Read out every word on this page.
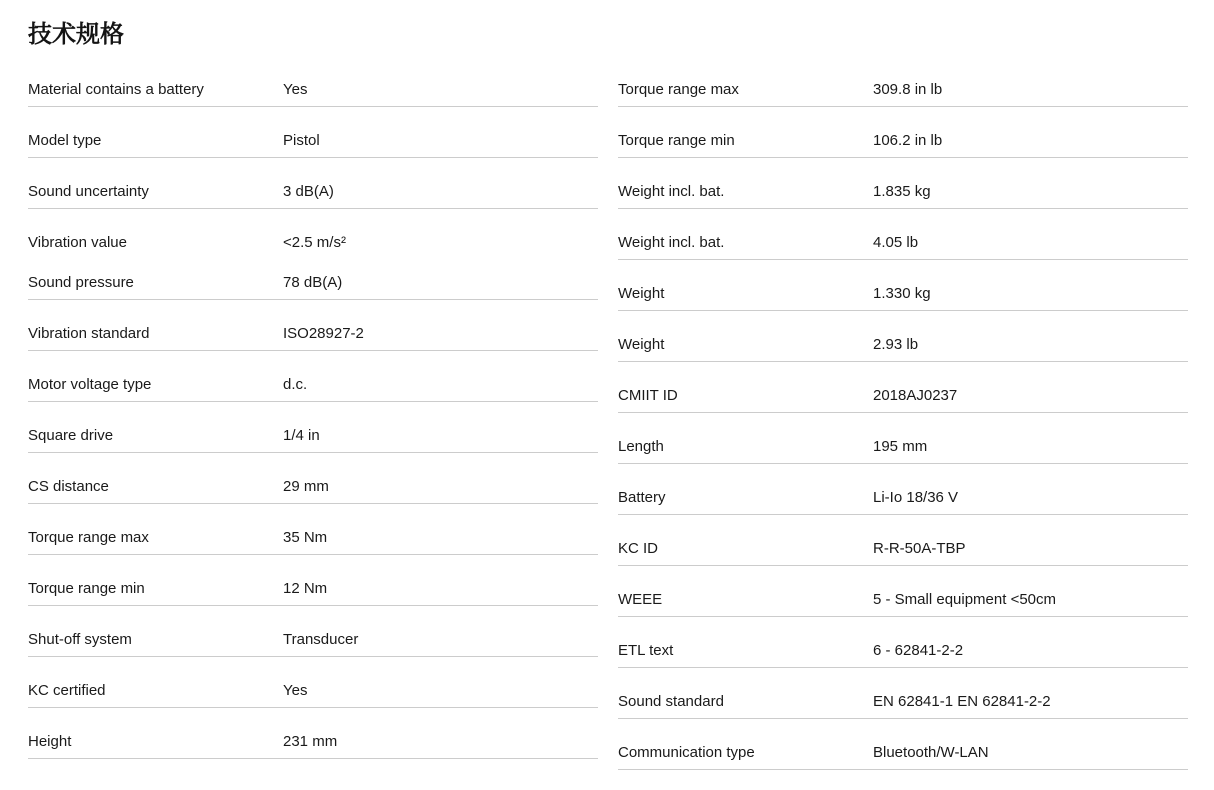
技术规格
Material contains a battery	Yes
Model type	Pistol
Sound uncertainty	3 dB(A)
Vibration value	<2.5 m/s²
Sound pressure	78 dB(A)
Vibration standard	ISO28927-2
Motor voltage type	d.c.
Square drive	1/4 in
CS distance	29 mm
Torque range max	35 Nm
Torque range min	12 Nm
Shut-off system	Transducer
KC certified	Yes
Height	231 mm
Torque range max	309.8 in lb
Torque range min	106.2 in lb
Weight incl. bat.	1.835 kg
Weight incl. bat.	4.05 lb
Weight	1.330 kg
Weight	2.93 lb
CMIIT ID	2018AJ0237
Length	195 mm
Battery	Li-Io 18/36 V
KC ID	R-R-50A-TBP
WEEE	5 - Small equipment <50cm
ETL text	6 - 62841-2-2
Sound standard	EN 62841-1 EN 62841-2-2
Communication type	Bluetooth/W-LAN
